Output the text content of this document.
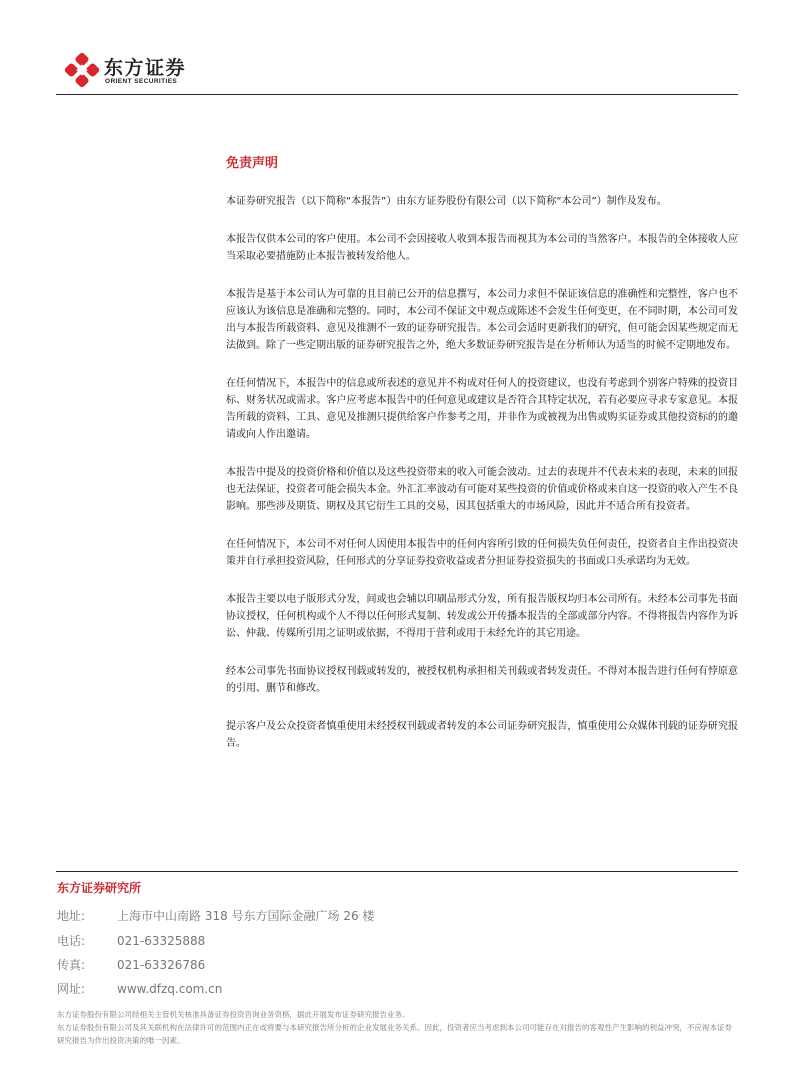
东方证券
ORIENT SECURITIES
免责声明

本证券研究报告（以下简称“本报告”）由东方证券股份有限公司（以下简称“本公司”）制作及发布。

本报告仅供本公司的客户使用。本公司不会因接收人收到本报告而视其为本公司的当然客户。本报告的全体接收人应当采取必要措施防止本报告被转发给他人。

本报告是基于本公司认为可靠的且目前已公开的信息撰写，本公司力求但不保证该信息的准确性和完整性，客户也不应该认为该信息是准确和完整的。同时，本公司不保证文中观点或陈述不会发生任何变更，在不同时期，本公司可发出与本报告所载资料、意见及推测不一致的证券研究报告。本公司会适时更新我们的研究，但可能会因某些规定而无法做到。除了一些定期出版的证券研究报告之外，绝大多数证券研究报告是在分析师认为适当的时候不定期地发布。

在任何情况下，本报告中的信息或所表述的意见并不构成对任何人的投资建议，也没有考虑到个别客户特殊的投资目标、财务状况或需求。客户应考虑本报告中的任何意见或建议是否符合其特定状况，若有必要应寻求专家意见。本报告所载的资料、工具、意见及推测只提供给客户作参考之用，并非作为或被视为出售或购买证券或其他投资标的的邀请或向人作出邀请。

本报告中提及的投资价格和价值以及这些投资带来的收入可能会波动。过去的表现并不代表未来的表现，未来的回报也无法保证，投资者可能会损失本金。外汇汇率波动有可能对某些投资的价值或价格或来自这一投资的收入产生不良影响。那些涉及期货、期权及其它衍生工具的交易，因其包括重大的市场风险，因此并不适合所有投资者。

在任何情况下，本公司不对任何人因使用本报告中的任何内容所引致的任何损失负任何责任，投资者自主作出投资决策并自行承担投资风险，任何形式的分享证券投资收益或者分担证券投资损失的书面或口头承诺均为无效。

本报告主要以电子版形式分发，间或也会辅以印刷品形式分发，所有报告版权均归本公司所有。未经本公司事先书面协议授权，任何机构或个人不得以任何形式复制、转发或公开传播本报告的全部或部分内容。不得将报告内容作为诉讼、仲裁、传媒所引用之证明或依据，不得用于营利或用于未经允许的其它用途。

经本公司事先书面协议授权刊载或转发的，被授权机构承担相关刊载或者转发责任。不得对本报告进行任何有悖原意的引用、删节和修改。

提示客户及公众投资者慎重使用未经授权刊载或者转发的本公司证券研究报告，慎重使用公众媒体刊载的证券研究报告。

东方证券研究所
地址:	上海市中山南路 318 号东方国际金融广场 26 楼
电话:	021-63325888
传真:	021-63326786
网址:	www.dfzq.com.cn
东方证券股份有限公司经相关主管机关核准具备证券投资咨询业务资格，据此开展发布证券研究报告业务。
东方证券股份有限公司及其关联机构在法律许可的范围内正在或将要与本研究报告所分析的企业发展业务关系。因此，投资者应当考虑到本公司可能存在对报告的客观性产生影响的利益冲突，不应视本证券研究报告为作出投资决策的唯一因素。
